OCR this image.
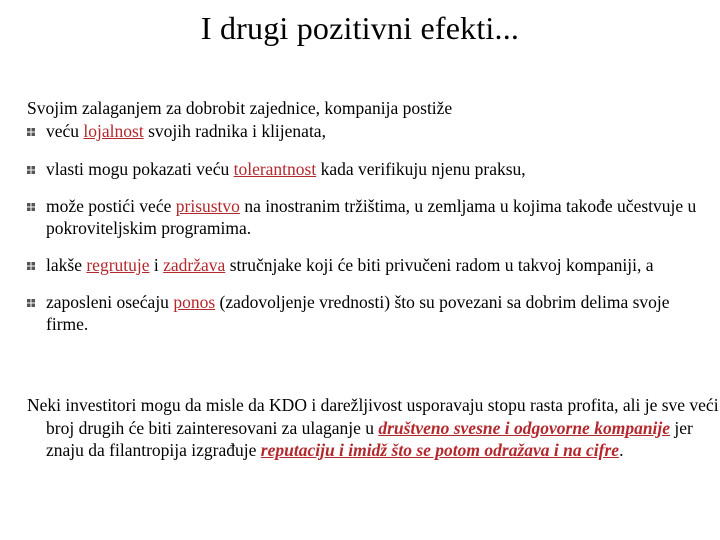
I drugi pozitivni efekti...
Svojim zalaganjem za dobrobit zajednice, kompanija postiže
veću lojalnost svojih radnika i klijenata,
vlasti mogu pokazati veću tolerantnost kada verifikuju njenu praksu,
može postići veće prisustvo na inostranim tržištima, u zemljama u kojima takođe učestvuje u pokroviteljskim programima.
lakše regrutuje i zadržava stručnjake koji će biti privučeni radom u takvoj kompaniji, a
zaposleni osećaju ponos (zadovoljenje vrednosti) što su povezani sa dobrim delima svoje firme.
Neki investitori mogu da misle da KDO i darežljivost usporavaju stopu rasta profita, ali je sve veći broj drugih će biti zainteresovani za ulaganje u društveno svesne i odgovorne kompanije jer znaju da filantropija izgrađuje reputaciju i imidž što se potom odražava i na cifre.
